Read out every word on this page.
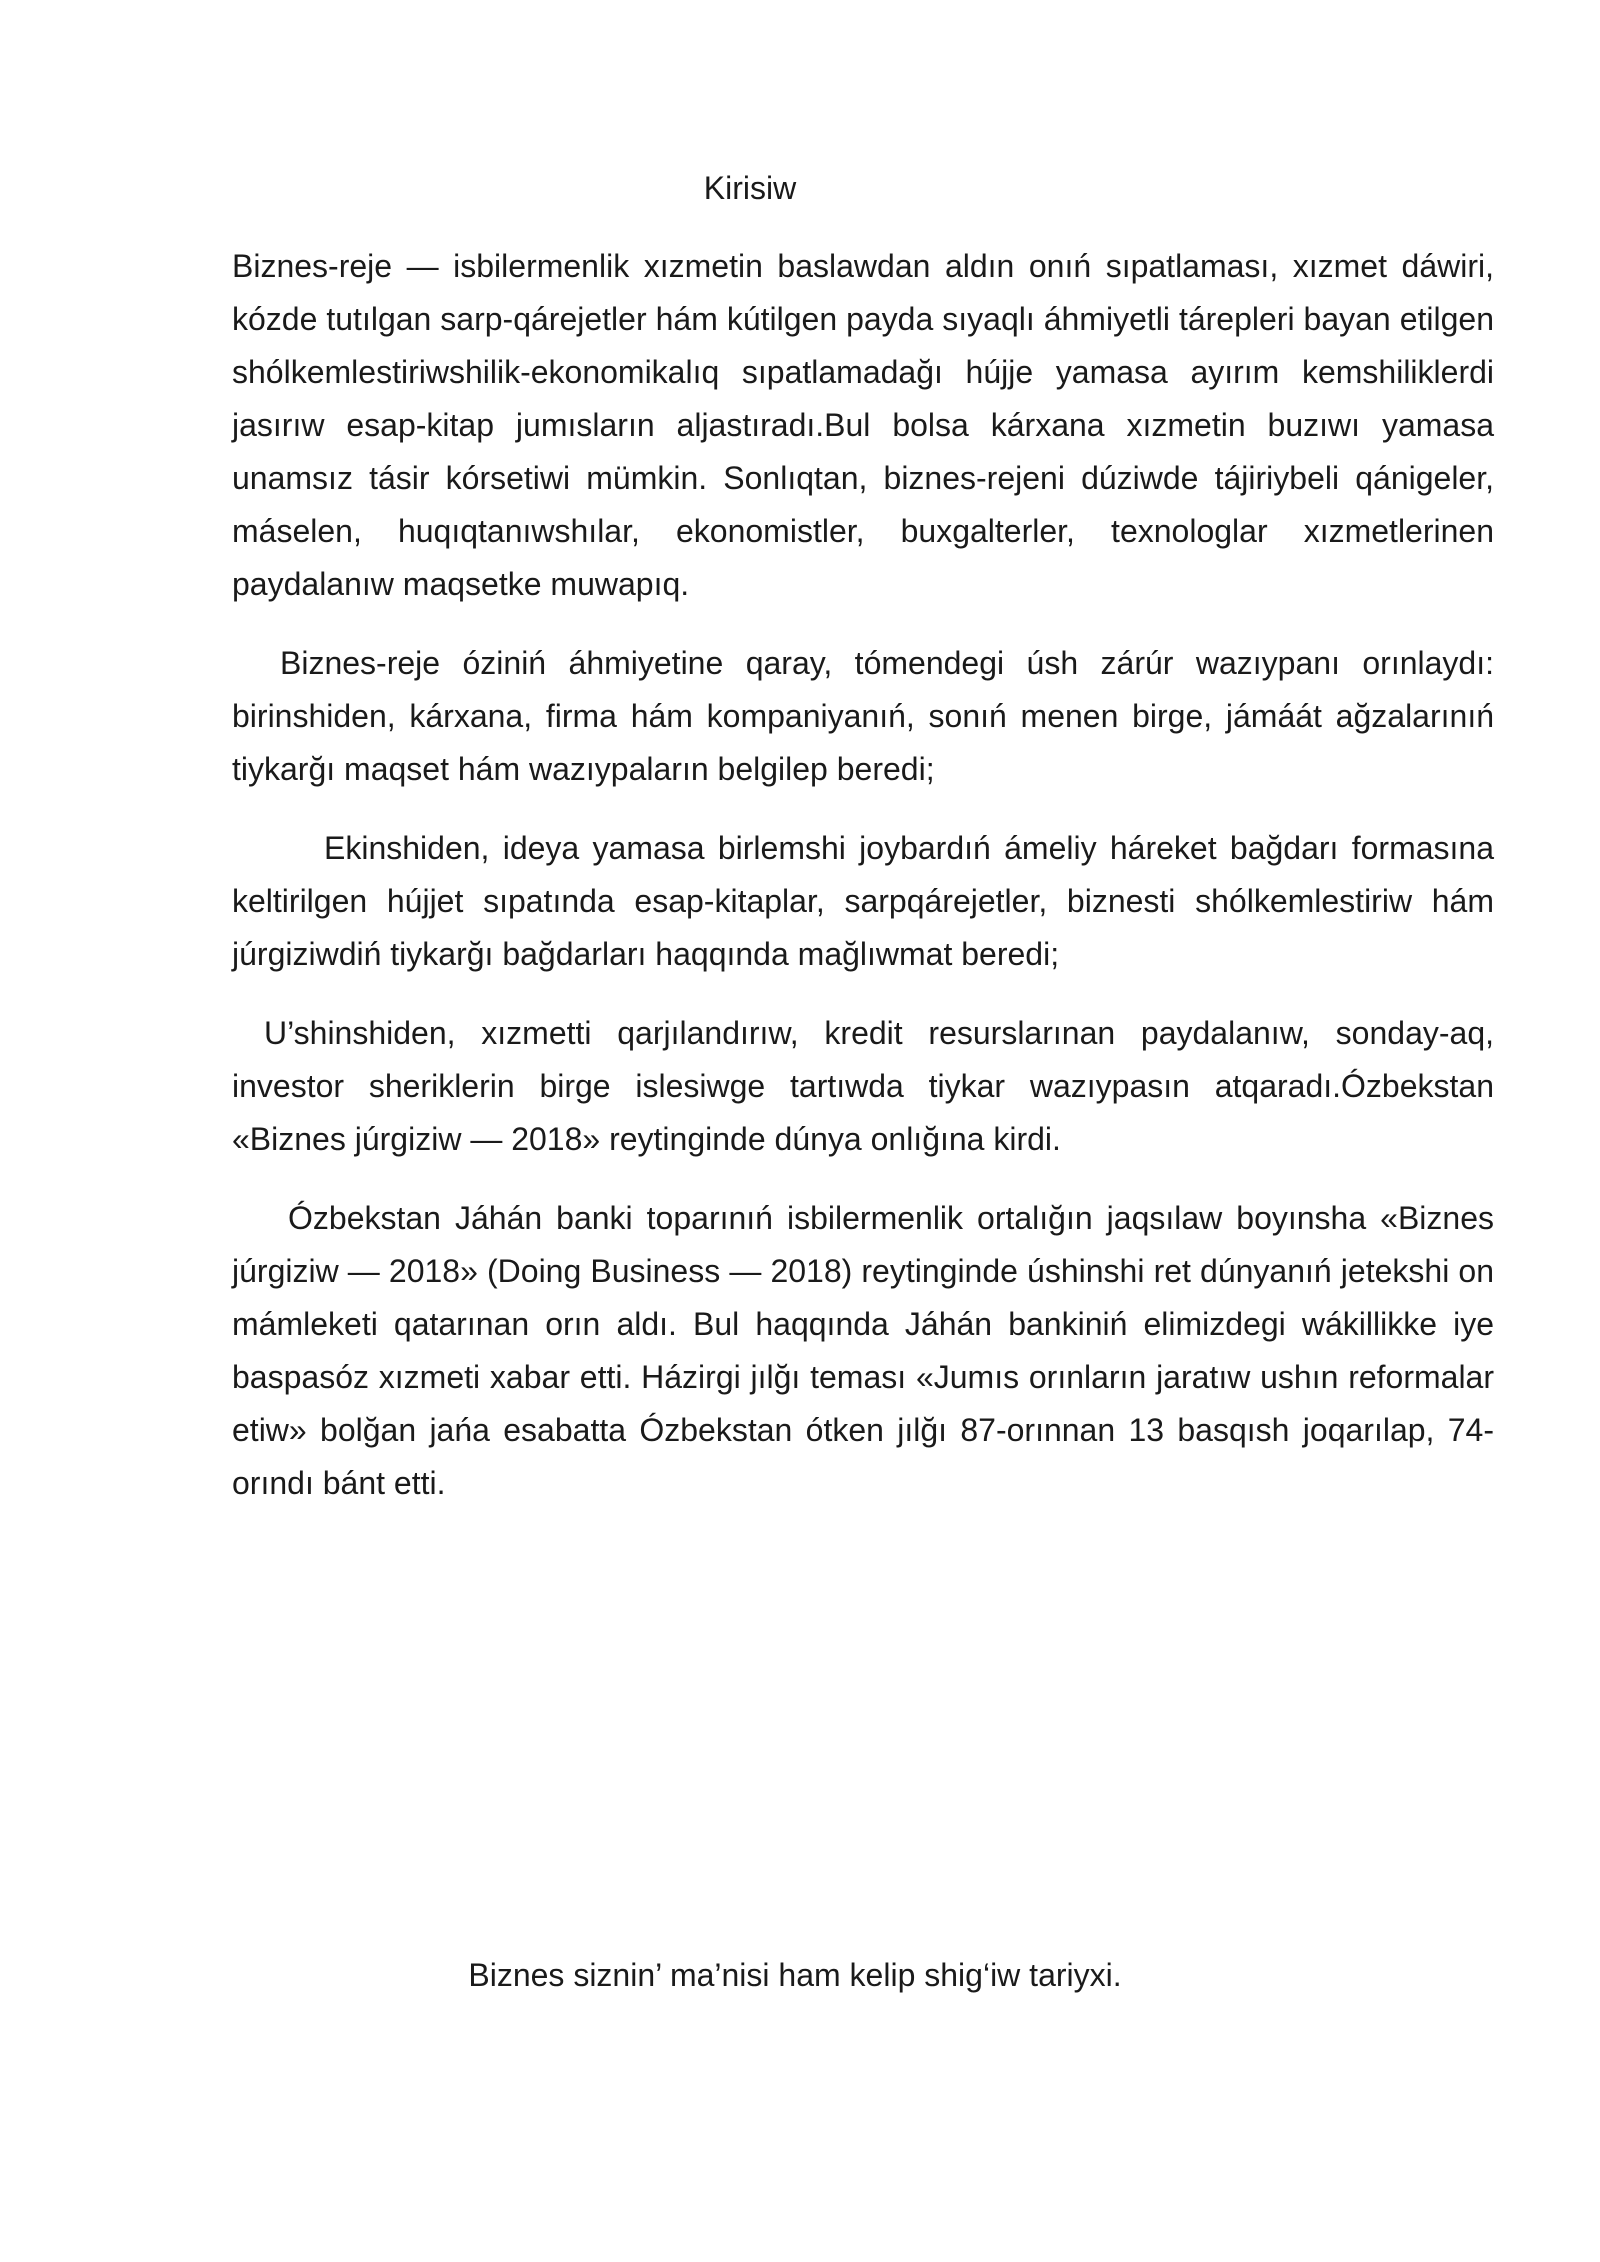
Kirisiw

Biznes-reje — isbilermenlik xızmetin baslawdan aldın onıń sıpatlaması, xızmet dáwiri, kózde tutılgan sarp-qárejetler hám kútilgen payda sıyaqlı áhmiyetli tárepleri bayan etilgen shólkemlestiriwshilik-ekonomikalıq sıpatlamadağı hújje yamasa ayırım kemshiliklerdi jasırıw esap-kitap jumısların aljastıradı.Bul bolsa kárxana xızmetin buzıwı yamasa unamsız tásir kórsetiwi mümkin. Sonlıqtan, biznes-rejeni dúziwde tájiriybeli qánigeler, máselen, huqıqtanıwshılar, ekonomistler, buxgalterler, texnologlar xızmetlerinen paydalanıw maqsetke muwapıq.

Biznes-reje óziniń áhmiyetine qaray, tómendegi úsh zárúr wazıypanı orınlaydı: birinshiden, kárxana, firma hám kompaniyanıń, sonıń menen birge, jámáát ağzalarınıń tiykarğı maqset hám wazıypaların belgilep beredi;

Ekinshiden, ideya yamasa birlemshi joybardıń ámeliy háreket bağdarı formasına keltirilgen hújjet sıpatında esap-kitaplar, sarpqárejetler, biznesti shólkemlestiriw hám júrgiziwdiń tiykarğı bağdarları haqqında mağlıwmat beredi;

U’shinshiden, xızmetti qarjılandırıw, kredit resurslarınan paydalanıw, sonday-aq, investor sheriklerin birge islesiwge tartıwda tiykar wazıypasın atqaradı.Ózbekstan «Biznes júrgiziw — 2018» reytinginde dúnya onlığına kirdi.

Ózbekstan Jáhán banki toparınıń isbilermenlik ortalığın jaqsılaw boyınsha «Biznes júrgiziw — 2018» (Doing Business — 2018) reytinginde úshinshi ret dúnyanıń jetekshi on mámleketi qatarınan orın aldı. Bul haqqında Jáhán bankiniń elimizdegi wákillikke iye baspasóz xızmeti xabar etti. Házirgi jılğı teması «Jumıs orınların jaratıw ushın reformalar etiw» bolğan jańa esabatta Ózbekstan ótken jılğı 87-orınnan 13 basqısh joqarılap, 74-orındı bánt etti.

Biznes siznin’ ma’nisi ham kelip shig‘iw tariyxi.
